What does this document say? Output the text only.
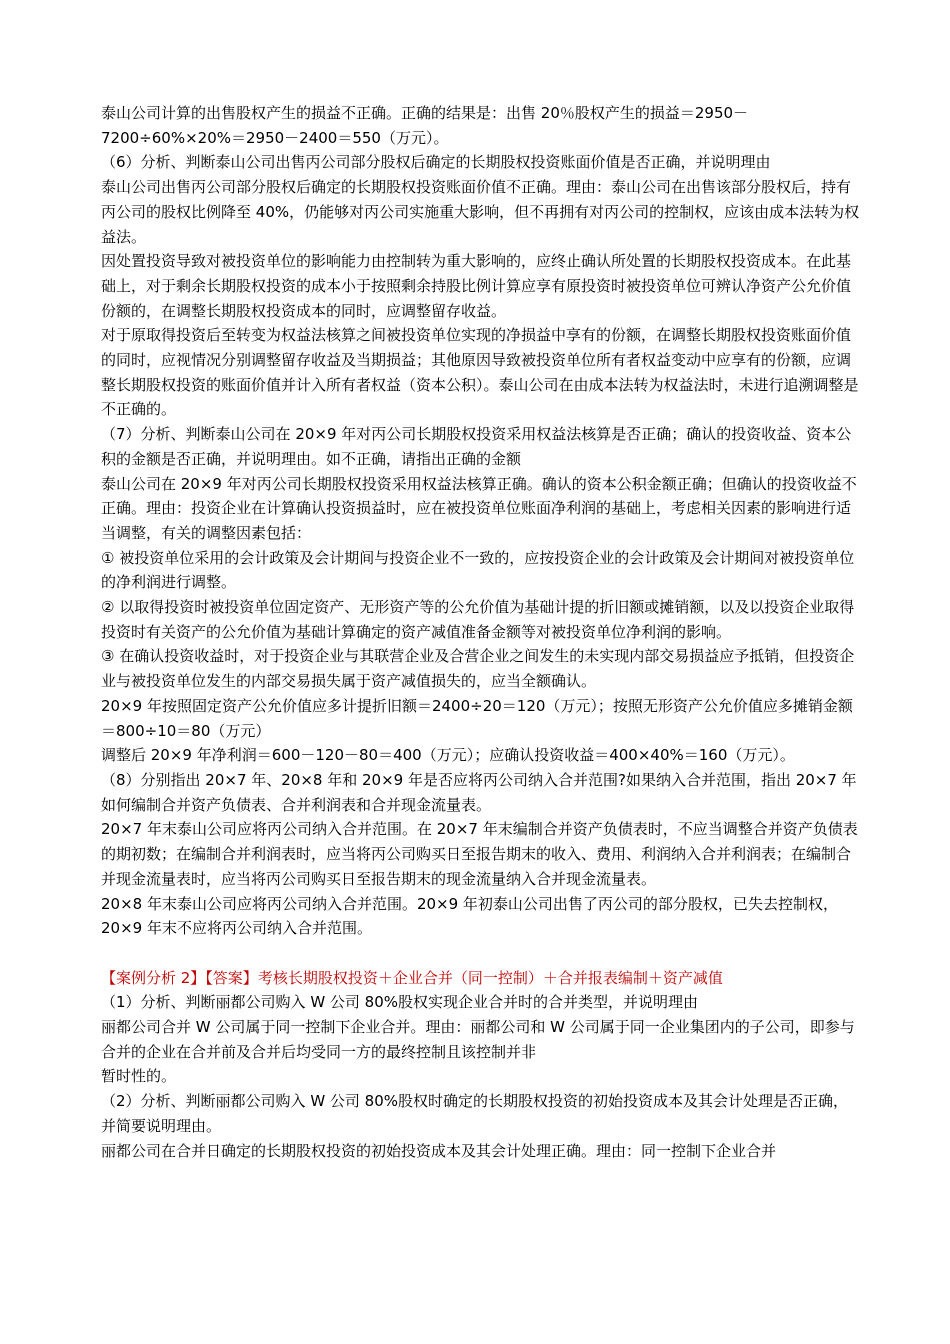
泰山公司计算的出售股权产生的损益不正确。正确的结果是：出售 20％股权产生的损益＝2950－7200÷60%×20%＝2950－2400＝550（万元）。

（6）分析、判断泰山公司出售丙公司部分股权后确定的长期股权投资账面价值是否正确，并说明理由

泰山公司出售丙公司部分股权后确定的长期股权投资账面价值不正确。理由：泰山公司在出售该部分股权后，持有丙公司的股权比例降至 40%，仍能够对丙公司实施重大影响，但不再拥有对丙公司的控制权，应该由成本法转为权益法。

因处置投资导致对被投资单位的影响能力由控制转为重大影响的，应终止确认所处置的长期股权投资成本。在此基础上，对于剩余长期股权投资的成本小于按照剩余持股比例计算应享有原投资时被投资单位可辨认净资产公允价值份额的，在调整长期股权投资成本的同时，应调整留存收益。

对于原取得投资后至转变为权益法核算之间被投资单位实现的净损益中享有的份额，在调整长期股权投资账面价值的同时，应视情况分别调整留存收益及当期损益；其他原因导致被投资单位所有者权益变动中应享有的份额，应调整长期股权投资的账面价值并计入所有者权益（资本公积）。泰山公司在由成本法转为权益法时，未进行追溯调整是不正确的。

（7）分析、判断泰山公司在 20×9 年对丙公司长期股权投资采用权益法核算是否正确；确认的投资收益、资本公积的金额是否正确，并说明理由。如不正确，请指出正确的金额

泰山公司在 20×9 年对丙公司长期股权投资采用权益法核算正确。确认的资本公积金额正确；但确认的投资收益不正确。理由：投资企业在计算确认投资损益时，应在被投资单位账面净利润的基础上，考虑相关因素的影响进行适当调整，有关的调整因素包括：

① 被投资单位采用的会计政策及会计期间与投资企业不一致的，应按投资企业的会计政策及会计期间对被投资单位的净利润进行调整。

② 以取得投资时被投资单位固定资产、无形资产等的公允价值为基础计提的折旧额或摊销额，以及以投资企业取得投资时有关资产的公允价值为基础计算确定的资产减值准备金额等对被投资单位净利润的影响。

③ 在确认投资收益时，对于投资企业与其联营企业及合营企业之间发生的未实现内部交易损益应予抵销，但投资企业与被投资单位发生的内部交易损失属于资产减值损失的，应当全额确认。

20×9 年按照固定资产公允价值应多计提折旧额＝2400÷20＝120（万元）；按照无形资产公允价值应多摊销金额＝800÷10＝80（万元）

调整后 20×9 年净利润＝600－120－80＝400（万元）；应确认投资收益＝400×40%＝160（万元）。

（8）分别指出 20×7 年、20×8 年和 20×9 年是否应将丙公司纳入合并范围?如果纳入合并范围，指出 20×7 年如何编制合并资产负债表、合并利润表和合并现金流量表。

20×7 年末泰山公司应将丙公司纳入合并范围。在 20×7 年末编制合并资产负债表时，不应当调整合并资产负债表的期初数；在编制合并利润表时，应当将丙公司购买日至报告期末的收入、费用、利润纳入合并利润表；在编制合并现金流量表时，应当将丙公司购买日至报告期末的现金流量纳入合并现金流量表。

20×8 年末泰山公司应将丙公司纳入合并范围。20×9 年初泰山公司出售了丙公司的部分股权，已失去控制权，20×9 年末不应将丙公司纳入合并范围。

【案例分析 2】【答案】考核长期股权投资＋企业合并（同一控制）＋合并报表编制＋资产减值

（1）分析、判断丽都公司购入 W 公司 80%股权实现企业合并时的合并类型，并说明理由

丽都公司合并 W 公司属于同一控制下企业合并。理由：丽都公司和 W 公司属于同一企业集团内的子公司，即参与合并的企业在合并前及合并后均受同一方的最终控制且该控制并非

暂时性的。

（2）分析、判断丽都公司购入 W 公司 80%股权时确定的长期股权投资的初始投资成本及其会计处理是否正确，并简要说明理由。

丽都公司在合并日确定的长期股权投资的初始投资成本及其会计处理正确。理由：同一控制下企业合并
